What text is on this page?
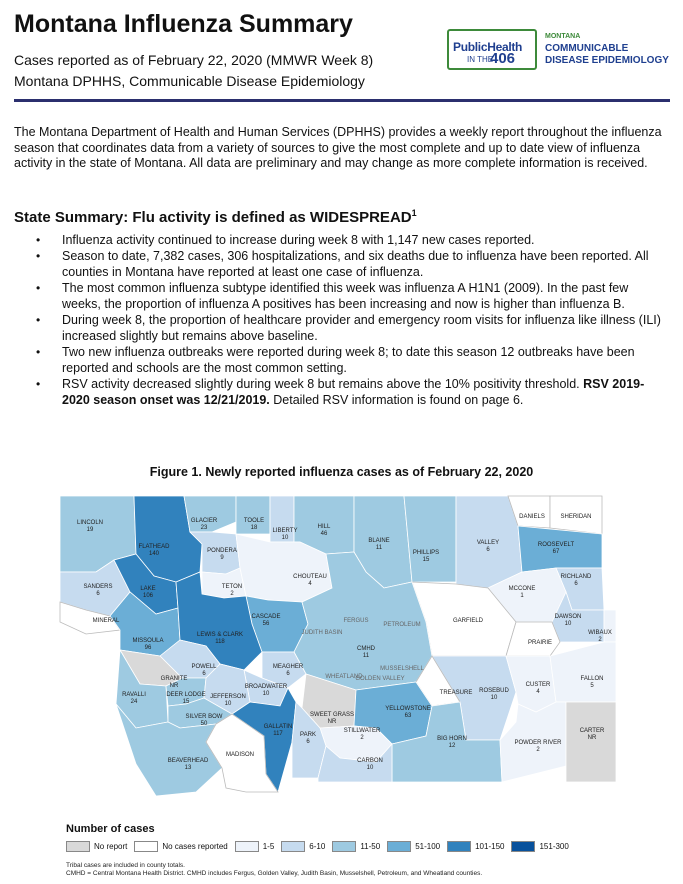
Montana Influenza Summary
Cases reported as of February 22, 2020 (MMWR Week 8)
Montana DPHHS, Communicable Disease Epidemiology
PublicHealth
IN THE
406
MONTANA
COMMUNICABLE
DISEASE EPIDEMIOLOGY

The Montana Department of Health and Human Services (DPHHS) provides a weekly report throughout the influenza season that coordinates data from a variety of sources to give the most complete and up to date view of influenza activity in the state of Montana. All data are preliminary and may change as more complete information is received.

State Summary: Flu activity is defined as WIDESPREAD$^1$
• Influenza activity continued to increase during week 8 with 1,147 new cases reported.
• Season to date, 7,382 cases, 306 hospitalizations, and six deaths due to influenza have been reported. All counties in Montana have reported at least one case of influenza.
• The most common influenza subtype identified this week was influenza A H1N1 (2009). In the past few weeks, the proportion of influenza A positives has been increasing and now is higher than influenza B.
• During week 8, the proportion of healthcare provider and emergency room visits for influenza like illness (ILI) increased slightly but remains above baseline.
• Two new influenza outbreaks were reported during week 8; to date this season 12 outbreaks have been reported and schools are the most common setting.
• RSV activity decreased slightly during week 8 but remains above the 10% positivity threshold. RSV 2019-2020 season onset was 12/21/2019. Detailed RSV information is found on page 6.
Figure 1. Newly reported influenza cases as of February 22, 2020
LINCOLN
19
FLATHEAD
140
GLACIER
23
TOOLE
18	LIBERTY
10
HILL
46
BLAINE
11
PHILLIPS
15
VALLEY
6
DANIELS	SHERIDAN
ROOSEVELT
67
RICHLAND
6
PONDERA
9
TETON
2
CHOUTEAU
4
SANDERS
6
LAKE
106
MCCONE
1
DAWSON
10
MINERAL
CASCADE
56	GARFIELD
WIBAUX
2
PRAIRIE
MISSOULA
96
LEWIS & CLARK
118
CMHD
11
POWELL
6
MEAGHER
6
GRANITE
NR	BROADWATER
10	ROSEBUD
10
CUSTER
4
FALLON
5
RAVALLI
24
DEER LODGE
15
JEFFERSON
10
TREASURE
SILVER BOW
50	GALLATIN
117
SWEET GRASS
NR
YELLOWSTONE
63
STILLWATER
2
PARK
6	BIG HORN
12	POWDER RIVER
2
CARTER
NR
BEAVERHEAD
13
MADISON
CARBON
10
FERGUS
PETROLEUM
JUDITH BASIN
WHEATLAND
GOLDEN VALLEY
MUSSELSHELL
Number of cases
No report	No cases reported	1-5	6-10	11-50	51-100	101-150	151-300
Tribal cases are included in county totals.
CMHD = Central Montana Health District. CMHD includes Fergus, Golden Valley, Judith Basin, Musselshell, Petroleum, and Wheatland counties.
